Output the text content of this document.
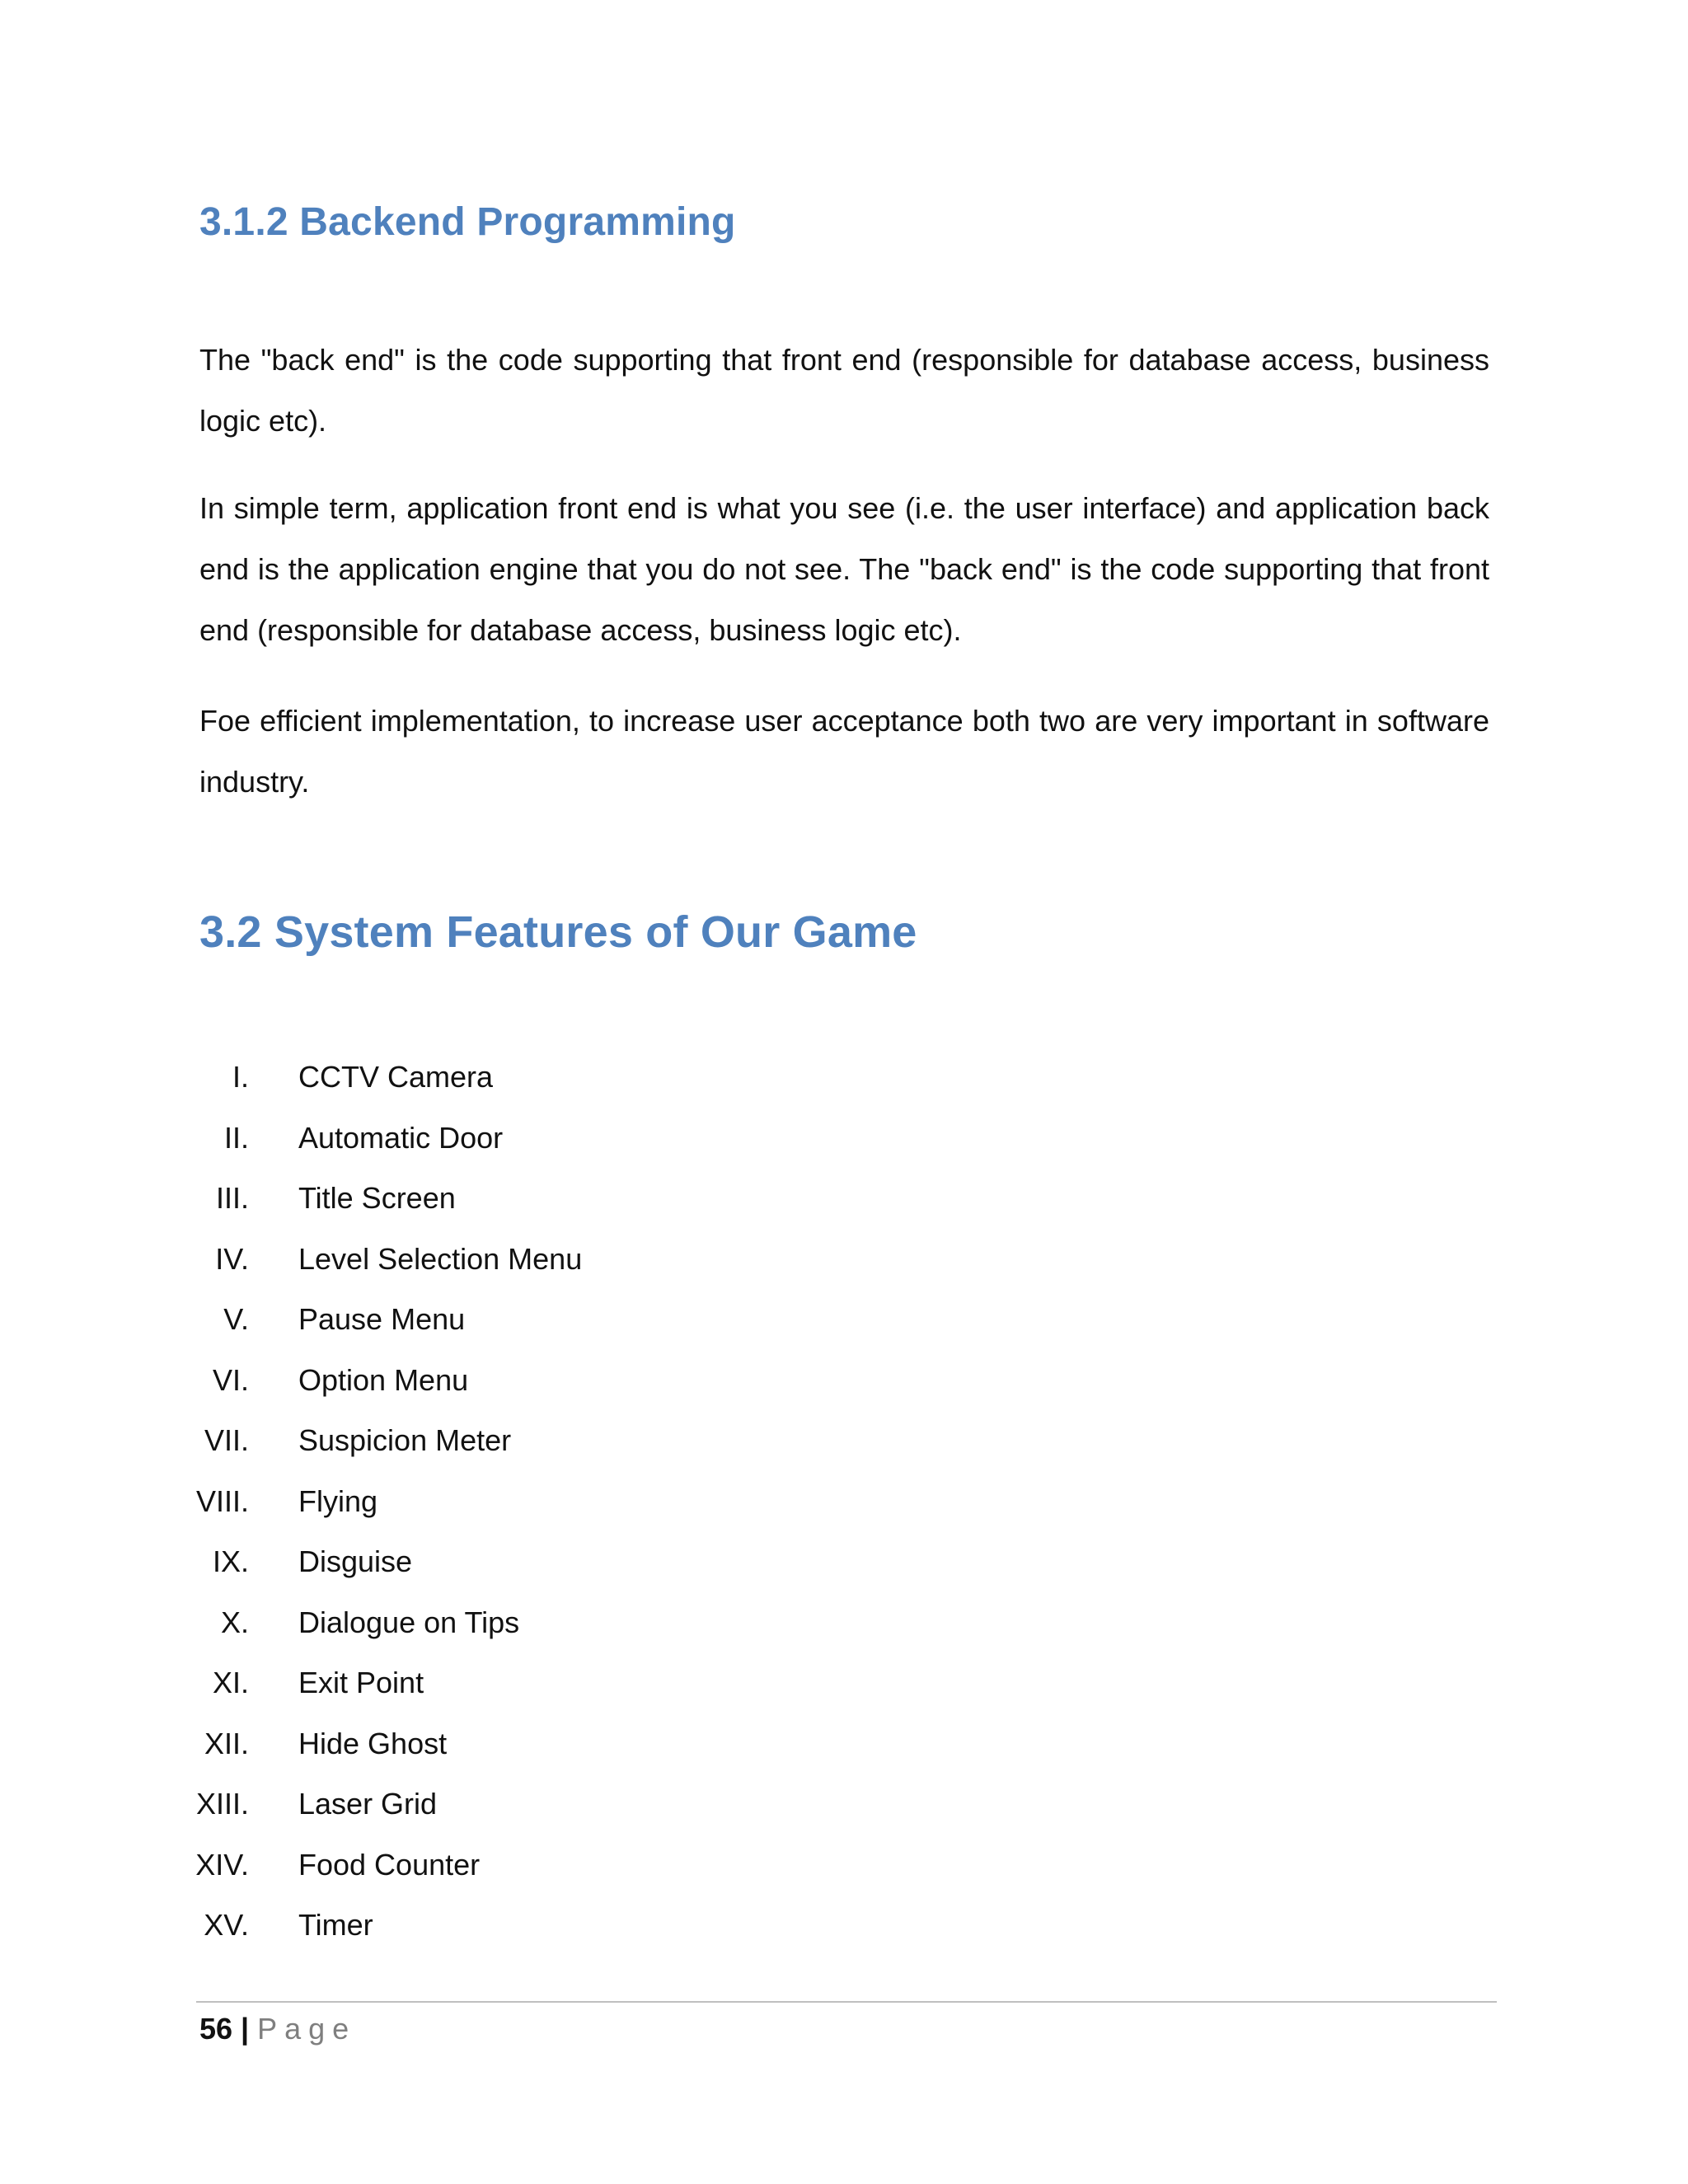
3.1.2 Backend Programming

The "back end" is the code supporting that front end (responsible for database access, business logic etc).

In simple term, application front end is what you see (i.e. the user interface) and application back end is the application engine that you do not see. The "back end" is the code supporting that front end (responsible for database access, business logic etc).

Foe efficient implementation, to increase user acceptance both two are very important in software industry.

3.2 System Features of Our Game
I. CCTV Camera
II. Automatic Door
III. Title Screen
IV. Level Selection Menu
V. Pause Menu
VI. Option Menu
VII. Suspicion Meter
VIII. Flying
IX. Disguise
X. Dialogue on Tips
XI. Exit Point
XII. Hide Ghost
XIII. Laser Grid
XIV. Food Counter
XV. Timer
56 | Page
